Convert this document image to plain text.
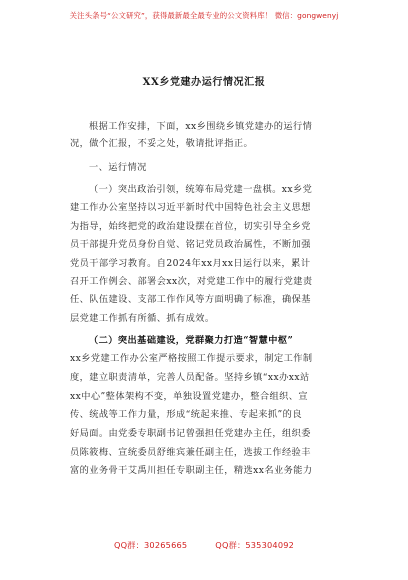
关注头条号“公文研究”，获得最新最全最专业的公文资料库！ 微信：gongwenyj
XX乡党建办运行情况汇报
根据工作安排，下面，xx乡围绕乡镇党建办的运行情
况，做个汇报，不妥之处，敬请批评指正。
一、运行情况
（一）突出政治引领，统筹布局党建一盘棋。xx乡党
建工作办公室坚持以习近平新时代中国特色社会主义思想
为指导，始终把党的政治建设摆在首位，切实引导全乡党
员干部提升党员身份自觉、铭记党员政治属性，不断加强
党员干部学习教育。自2024年xx月xx日运行以来，累计
召开工作例会、部署会xx次，对党建工作中的履行党建责
任、队伍建设、支部工作作风等方面明确了标准，确保基
层党建工作抓有所循、抓有成效。
（二）突出基础建设，党群聚力打造“智慧中枢”
xx乡党建工作办公室严格按照工作提示要求，制定工作制
度，建立职责清单，完善人员配备。坚持乡镇“xx办xx站
xx中心”整体架构不变，单独设置党建办，整合组织、宣
传、统战等工作力量，形成“统起来推、专起来抓”的良
好局面。由党委专职副书记曾强担任党建办主任，组织委
员陈筱梅、宣统委员舒维宾兼任副主任，选拔工作经验丰
富的业务骨干艾禹川担任专职副主任，精选xx名业务能力
QQ群：30265665	QQ群：535304092
